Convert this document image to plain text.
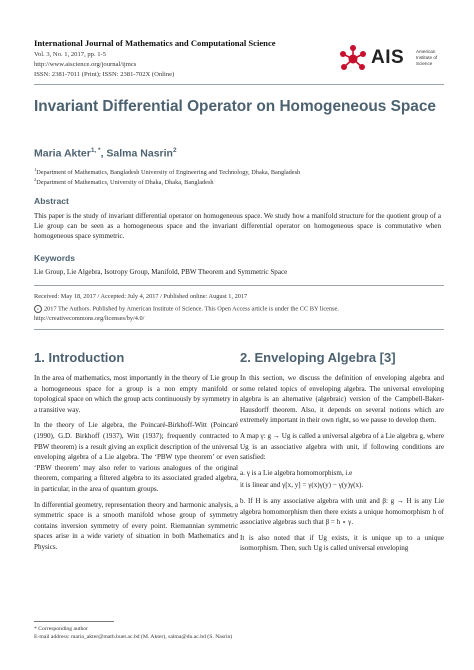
International Journal of Mathematics and Computational Science
Vol. 3, No. 1, 2017, pp. 1-5
http://www.aiscience.org/journal/ijmcs
ISSN: 2381-7011 (Print); ISSN: 2381-702X (Online)
AIS	American Institute of Science
Invariant Differential Operator on Homogeneous Space
Maria Akter$^{1, *}$, Salma Nasrin$^2$
$^1$Department of Mathematics, Bangladesh University of Engineering and Technology, Dhaka, Bangladesh
$^2$Department of Mathematics, University of Dhaka, Dhaka, Bangladesh
Abstract
This paper is the study of invariant differential operator on homogeneous space. We study how a manifold structure for the quotient group of a Lie group can be seen as a homogeneous space and the invariant differential operator on homogeneous space is commutative when homogeneous space symmetric.
Keywords
Lie Group, Lie Algebra, Isotropy Group, Manifold, PBW Theorem and Symmetric Space
Received: May 18, 2017 / Accepted: July 4, 2017 / Published online: August 1, 2017
c 2017 The Authors. Published by American Institute of Science. This Open Access article is under the CC BY license.
http://creativecommons.org/licenses/by/4.0/
1. Introduction

In the area of mathematics, most importantly in the theory of Lie group a homogeneous space for a group is a non empty manifold or topological space on which the group acts continuously by symmetry in a transitive way.

In the theory of Lie algebra, the Poincaré-Birkhoff-Witt (Poincaré (1990), G.D. Birkhoff (1937), Witt (1937); frequently contracted to PBW theorem) is a result giving an explicit description of the universal enveloping algebra of a Lie algebra. The ‘PBW type theorem’ or even ‘PBW theorem’ may also refer to various analogues of the original theorem, comparing a filtered algebra to its associated graded algebra, in particular, in the area of quantum groups.

In differential geometry, representation theory and harmonic analysis, a symmetric space is a smooth manifold whose group of symmetry contains inversion symmetry of every point. Riemannian symmetric spaces arise in a wide variety of situation in both Mathematics and Physics.

2. Enveloping Algebra [3]

In this section, we discuss the definition of enveloping algebra and some related topics of enveloping algebra. The universal enveloping algebra is an alternative (algebraic) version of the Campbell-Baker-Hausdorff theorem. Also, it depends on several notions which are extremely important in their own right, so we pause to develop them.

A map γ: g → Ug is called a universal algebra of a Lie algebra g, where Ug is an associative algebra with unit, if following conditions are satisfied:

a. γ is a Lie algebra homomorphism, i.e

it is linear and γ[x, y] = γ(x)γ(y) − γ(y)γ(x).

b. If H is any associative algebra with unit and β: g → H is any Lie algebra homomorphism then there exists a unique homomorphism h of associative algebras such that β = h ∘ γ.

It is also noted that if Ug exists, it is unique up to a unique isomorphism. Then, such Ug is called universal enveloping

* Corresponding author
E-mail address: maria_akter@math.buet.ac.bd (M. Akter), salma@du.ac.bd (S. Nasrin)
